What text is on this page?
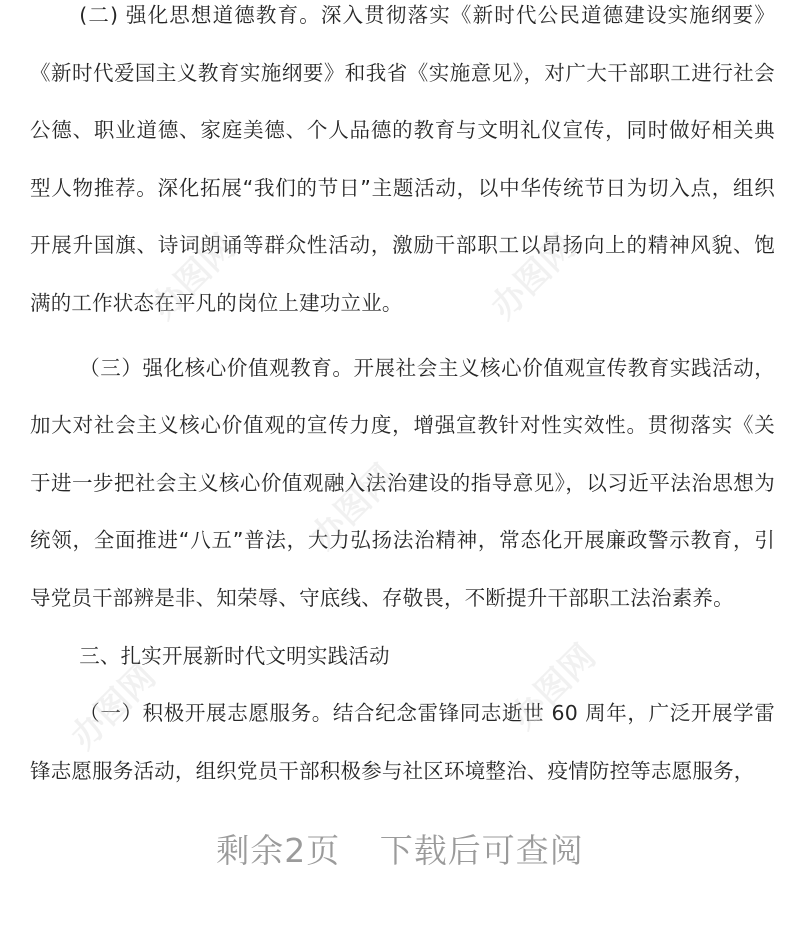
(二) 强化思想道德教育。深入贯彻落实《新时代公民道德建设实施纲要》《新时代爱国主义教育实施纲要》和我省《实施意见》，对广大干部职工进行社会公德、职业道德、家庭美德、个人品德的教育与文明礼仪宣传，同时做好相关典型人物推荐。深化拓展“我们的节日”主题活动，以中华传统节日为切入点，组织开展升国旗、诗词朗诵等群众性活动，激励干部职工以昂扬向上的精神风貌、饱满的工作状态在平凡的岗位上建功立业。

（三）强化核心价值观教育。开展社会主义核心价值观宣传教育实践活动，加大对社会主义核心价值观的宣传力度，增强宣教针对性实效性。贯彻落实《关于进一步把社会主义核心价值观融入法治建设的指导意见》，以习近平法治思想为统领，全面推进“八五”普法，大力弘扬法治精神，常态化开展廉政警示教育，引导党员干部辨是非、知荣辱、守底线、存敬畏，不断提升干部职工法治素养。

三、扎实开展新时代文明实践活动

（一）积极开展志愿服务。结合纪念雷锋同志逝世 60 周年，广泛开展学雷锋志愿服务活动，组织党员干部积极参与社区环境整治、疫情防控等志愿服务，

办图网	办图网
办图网
办图网	办图网
剩余2页 下载后可查阅
